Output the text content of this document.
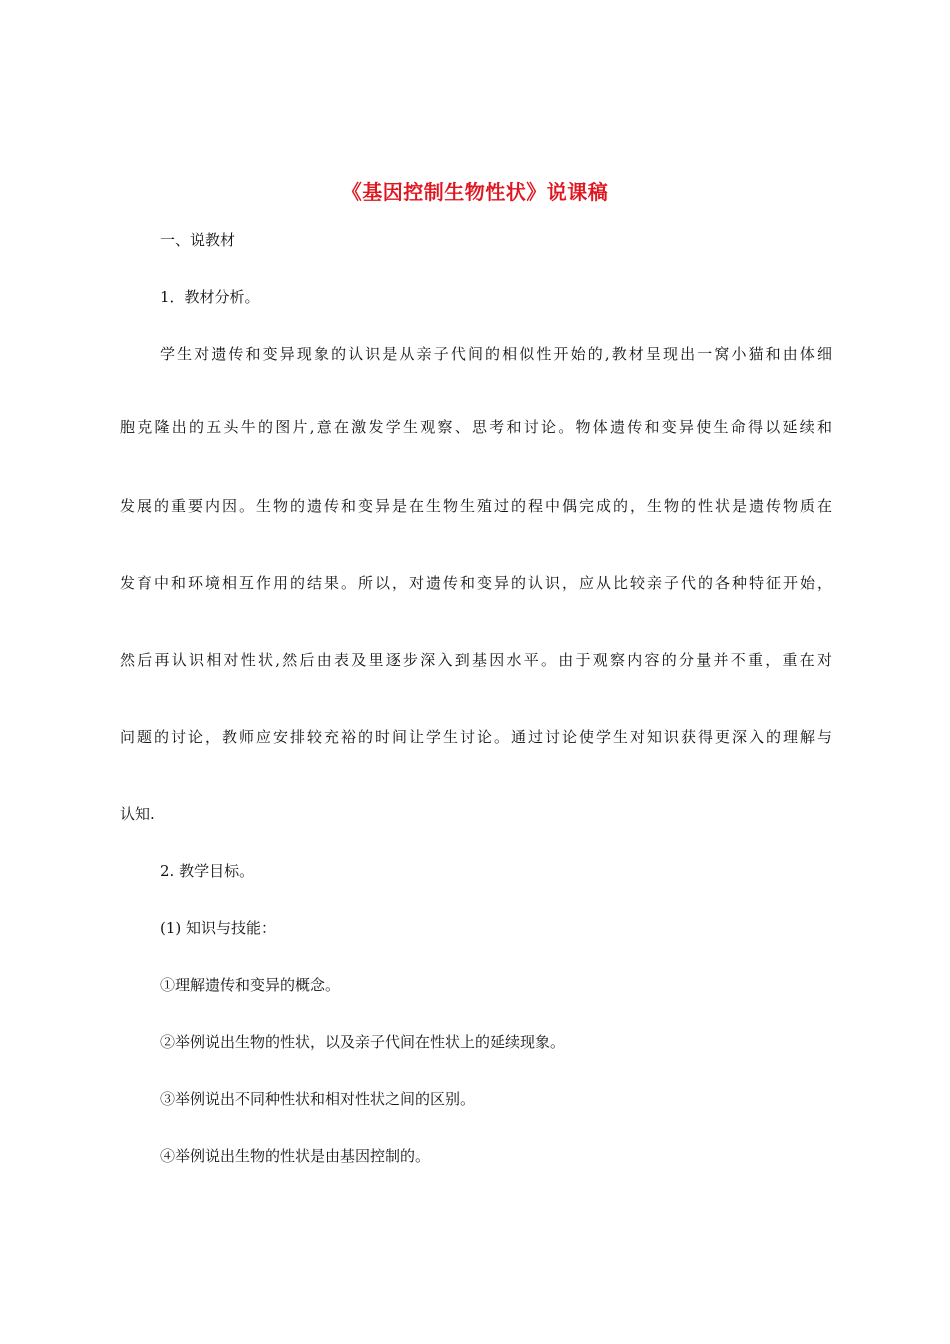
《基因控制生物性状》说课稿
一、说教材
1．教材分析。
学生对遗传和变异现象的认识是从亲子代间的相似性开始的,教材呈现出一窝小猫和由体细
胞克隆出的五头牛的图片,意在激发学生观察、思考和讨论。物体遗传和变异使生命得以延续和
发展的重要内因。生物的遗传和变异是在生物生殖过的程中偶完成的，生物的性状是遗传物质在
发育中和环境相互作用的结果。所以，对遗传和变异的认识，应从比较亲子代的各种特征开始，
然后再认识相对性状,然后由表及里逐步深入到基因水平。由于观察内容的分量并不重，重在对
问题的讨论，教师应安排较充裕的时间让学生讨论。通过讨论使学生对知识获得更深入的理解与
认知.
2. 教学目标。
(1) 知识与技能：
①理解遗传和变异的概念。
②举例说出生物的性状，以及亲子代间在性状上的延续现象。
③举例说出不同种性状和相对性状之间的区别。
④举例说出生物的性状是由基因控制的。
